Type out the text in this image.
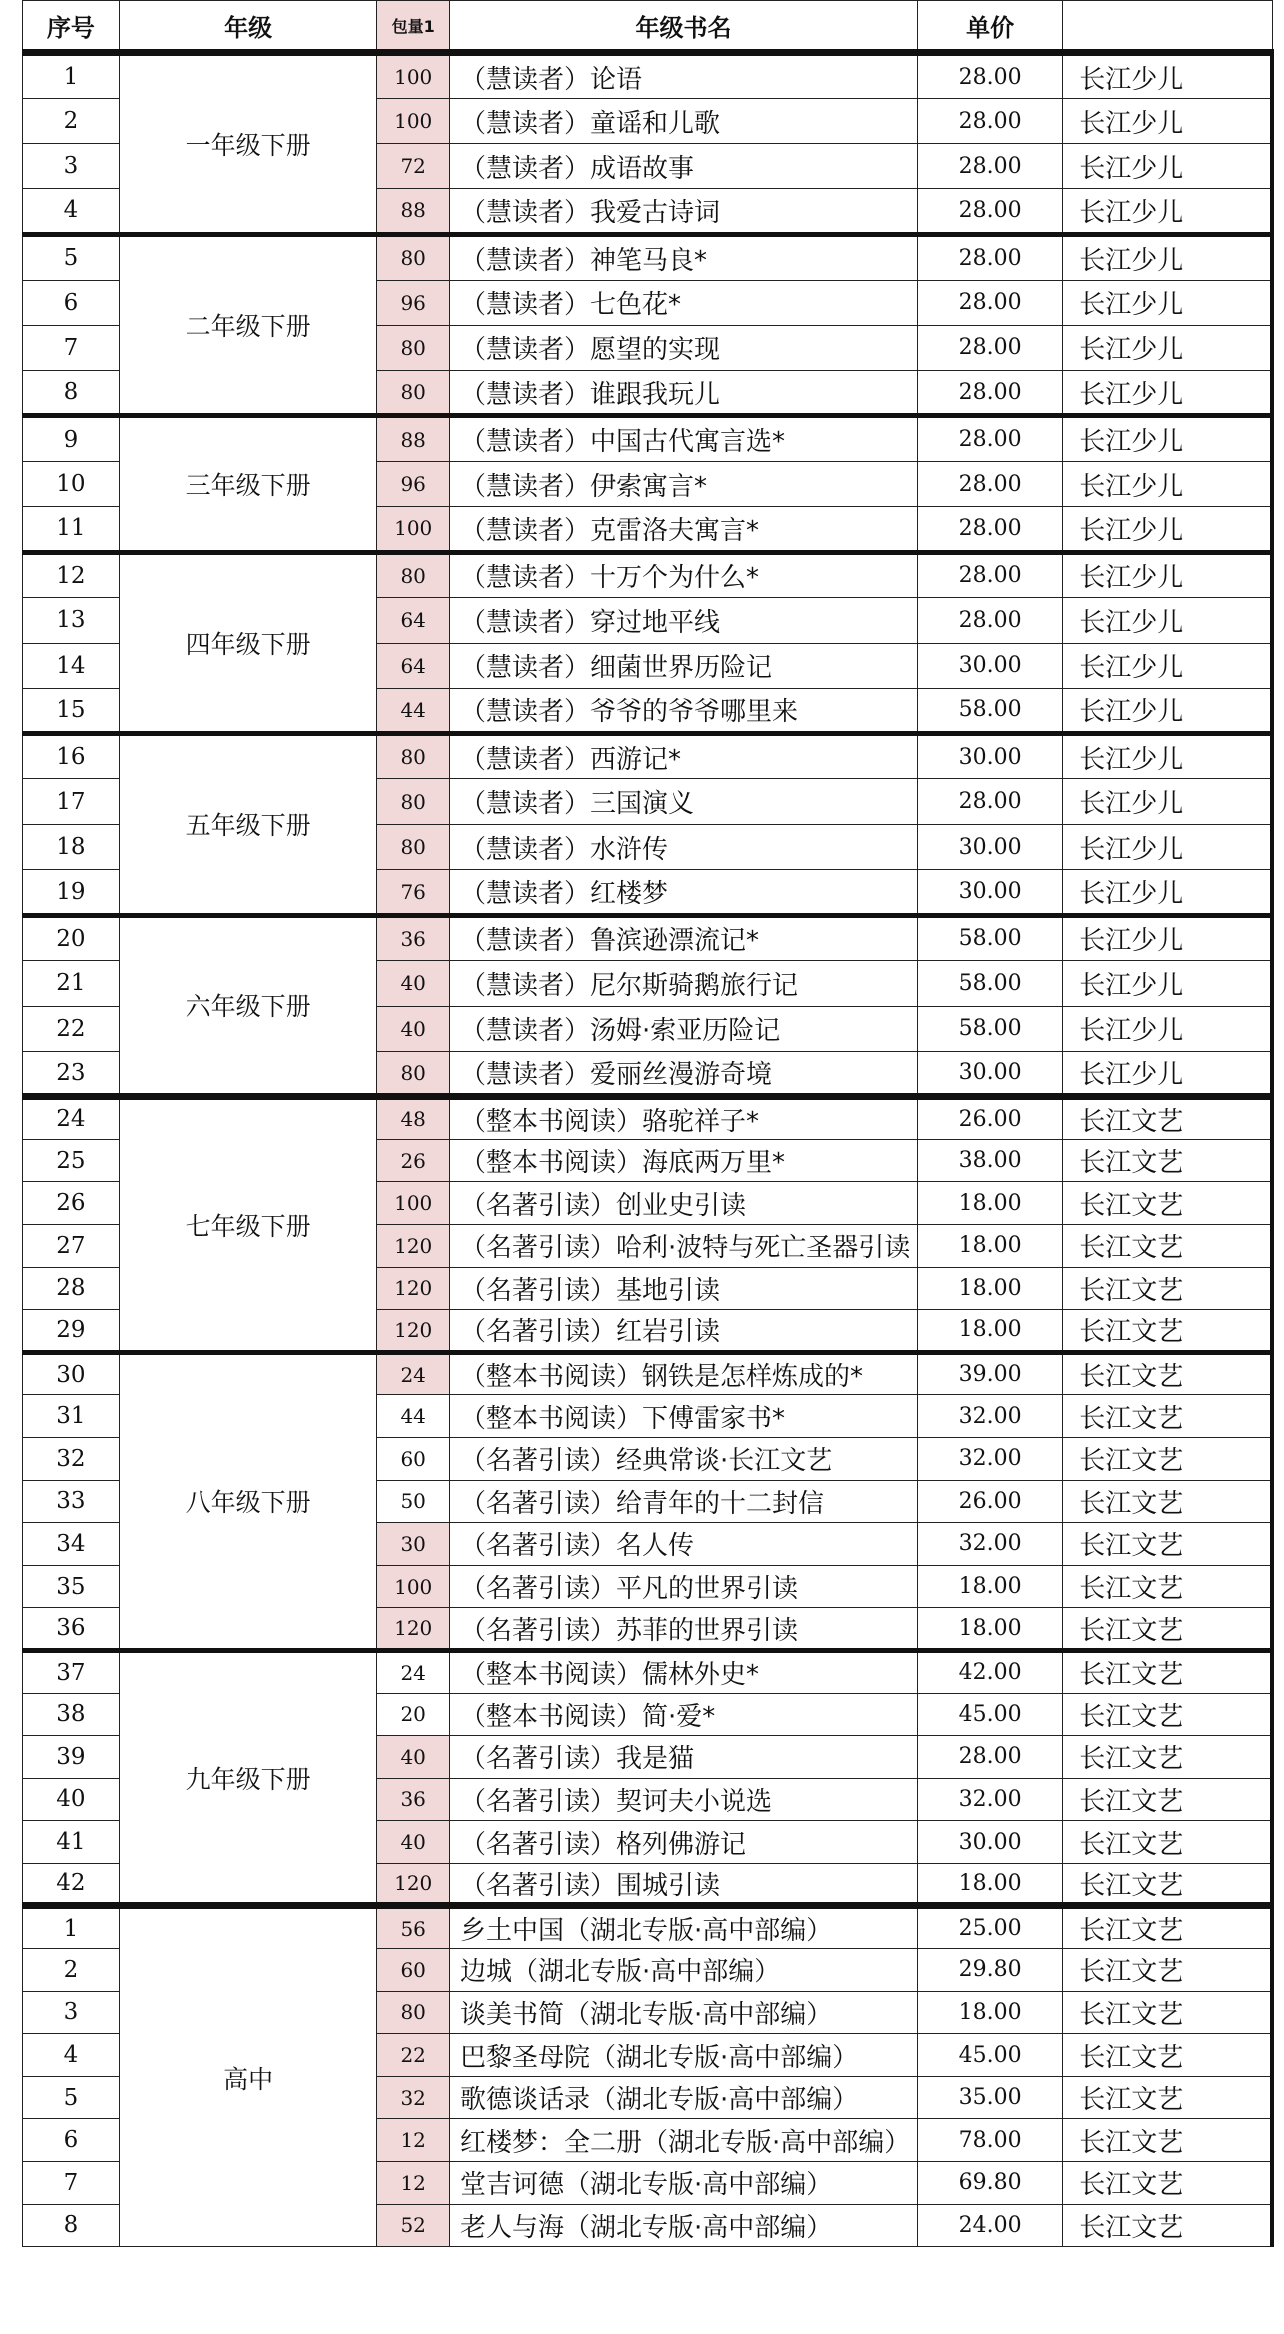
序号	年级	包量1	年级书名	单价	
1	一年级下册	100	（慧读者）论语	28.00	长江少儿
2		100	（慧读者）童谣和儿歌	28.00	长江少儿
3		72	（慧读者）成语故事	28.00	长江少儿
4		88	（慧读者）我爱古诗词	28.00	长江少儿
5	二年级下册	80	（慧读者）神笔马良*	28.00	长江少儿
6		96	（慧读者）七色花*	28.00	长江少儿
7		80	（慧读者）愿望的实现	28.00	长江少儿
8		80	（慧读者）谁跟我玩儿	28.00	长江少儿
9	三年级下册	88	（慧读者）中国古代寓言选*	28.00	长江少儿
10		96	（慧读者）伊索寓言*	28.00	长江少儿
11		100	（慧读者）克雷洛夫寓言*	28.00	长江少儿
12	四年级下册	80	（慧读者）十万个为什么*	28.00	长江少儿
13		64	（慧读者）穿过地平线	28.00	长江少儿
14		64	（慧读者）细菌世界历险记	30.00	长江少儿
15		44	（慧读者）爷爷的爷爷哪里来	58.00	长江少儿
16	五年级下册	80	（慧读者）西游记*	30.00	长江少儿
17		80	（慧读者）三国演义	28.00	长江少儿
18		80	（慧读者）水浒传	30.00	长江少儿
19		76	（慧读者）红楼梦	30.00	长江少儿
20	六年级下册	36	（慧读者）鲁滨逊漂流记*	58.00	长江少儿
21		40	（慧读者）尼尔斯骑鹅旅行记	58.00	长江少儿
22		40	（慧读者）汤姆·索亚历险记	58.00	长江少儿
23		80	（慧读者）爱丽丝漫游奇境	30.00	长江少儿
24	七年级下册	48	（整本书阅读）骆驼祥子*	26.00	长江文艺
25		26	（整本书阅读）海底两万里*	38.00	长江文艺
26		100	（名著引读）创业史引读	18.00	长江文艺
27		120	（名著引读）哈利·波特与死亡圣器引读	18.00	长江文艺
28		120	（名著引读）基地引读	18.00	长江文艺
29		120	（名著引读）红岩引读	18.00	长江文艺
30	八年级下册	24	（整本书阅读）钢铁是怎样炼成的*	39.00	长江文艺
31		44	（整本书阅读）下傅雷家书*	32.00	长江文艺
32		60	（名著引读）经典常谈·长江文艺	32.00	长江文艺
33		50	（名著引读）给青年的十二封信	26.00	长江文艺
34		30	（名著引读）名人传	32.00	长江文艺
35		100	（名著引读）平凡的世界引读	18.00	长江文艺
36		120	（名著引读）苏菲的世界引读	18.00	长江文艺
37	九年级下册	24	（整本书阅读）儒林外史*	42.00	长江文艺
38		20	（整本书阅读）简·爱*	45.00	长江文艺
39		40	（名著引读）我是猫	28.00	长江文艺
40		36	（名著引读）契诃夫小说选	32.00	长江文艺
41		40	（名著引读）格列佛游记	30.00	长江文艺
42		120	（名著引读）围城引读	18.00	长江文艺
1	高中	56	乡土中国（湖北专版·高中部编）	25.00	长江文艺
2		60	边城（湖北专版·高中部编）	29.80	长江文艺
3		80	谈美书简（湖北专版·高中部编）	18.00	长江文艺
4		22	巴黎圣母院（湖北专版·高中部编）	45.00	长江文艺
5		32	歌德谈话录（湖北专版·高中部编）	35.00	长江文艺
6		12	红楼梦：全二册（湖北专版·高中部编）	78.00	长江文艺
7		12	堂吉诃德（湖北专版·高中部编）	69.80	长江文艺
8		52	老人与海（湖北专版·高中部编）	24.00	长江文艺
